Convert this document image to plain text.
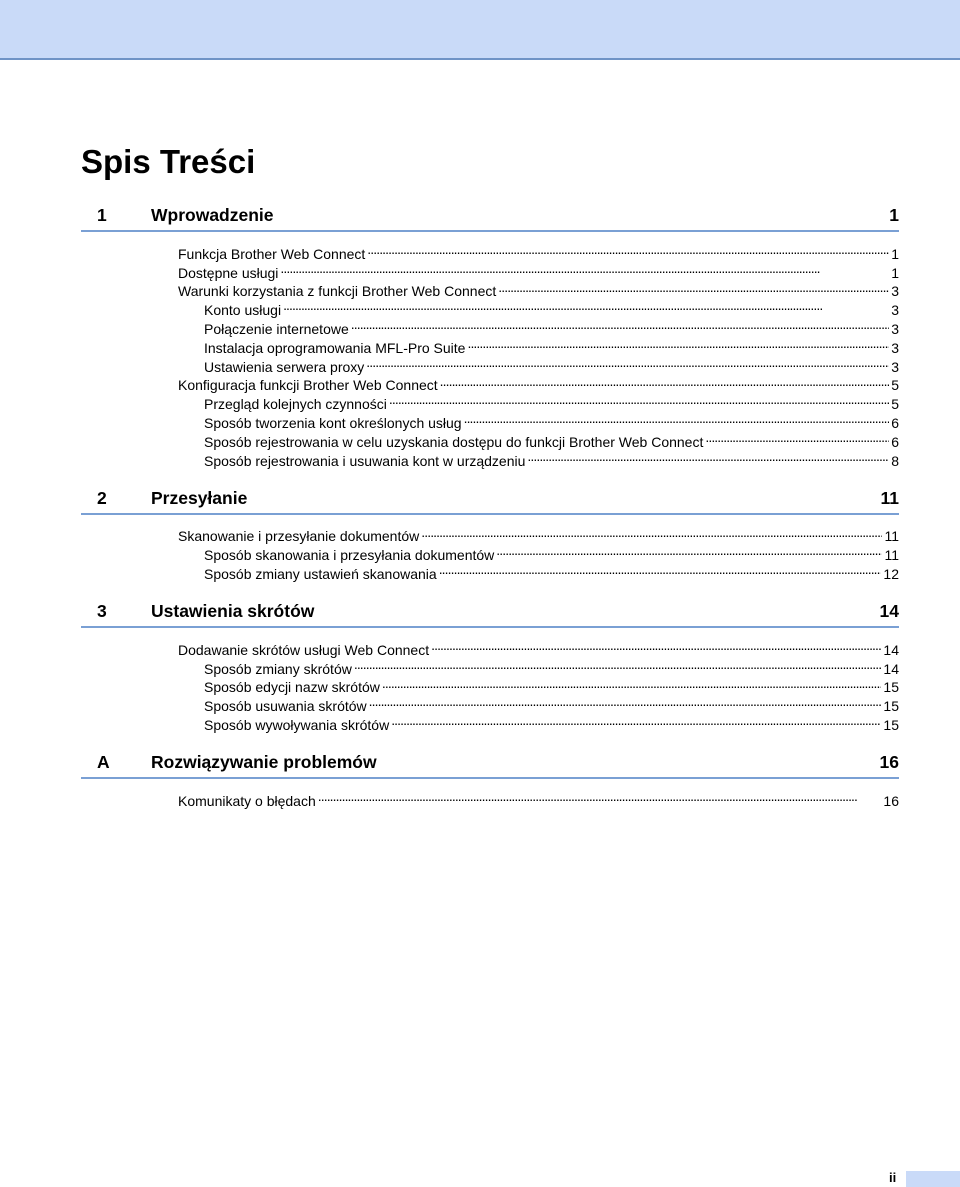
Spis Treści
1	Wprowadzenie	1
Funkcja Brother Web Connect . . .	1
Dostępne usługi . . .	1
Warunki korzystania z funkcji Brother Web Connect . . .	3
Konto usługi . . .	3
Połączenie internetowe . . .	3
Instalacja oprogramowania MFL-Pro Suite . . .	3
Ustawienia serwera proxy . . .	3
Konfiguracja funkcji Brother Web Connect . . .	5
Przegląd kolejnych czynności . . .	5
Sposób tworzenia kont określonych usług . . .	6
Sposób rejestrowania w celu uzyskania dostępu do funkcji Brother Web Connect . . .	6
Sposób rejestrowania i usuwania kont w urządzeniu . . .	8
2	Przesyłanie	11
Skanowanie i przesyłanie dokumentów . . .	11
Sposób skanowania i przesyłania dokumentów . . .	11
Sposób zmiany ustawień skanowania . . .	12
3	Ustawienia skrótów	14
Dodawanie skrótów usługi Web Connect . . .	14
Sposób zmiany skrótów . . .	14
Sposób edycji nazw skrótów . . .	15
Sposób usuwania skrótów . . .	15
Sposób wywoływania skrótów . . .	15
A	Rozwiązywanie problemów	16
Komunikaty o błędach . . .	16
ii
